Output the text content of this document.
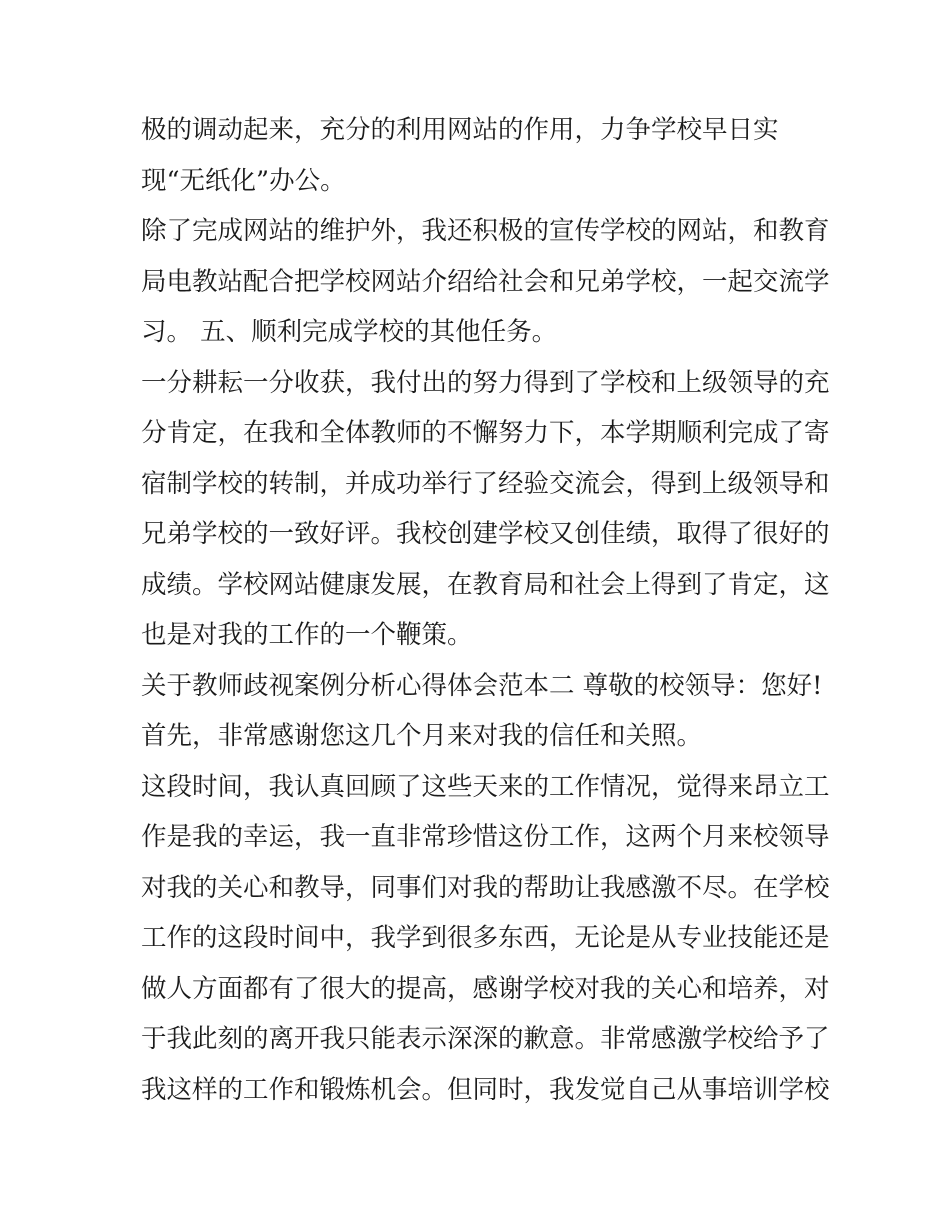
极的调动起来，充分的利用网站的作用，力争学校早日实
现“无纸化”办公。
除了完成网站的维护外，我还积极的宣传学校的网站，和教育
局电教站配合把学校网站介绍给社会和兄弟学校，一起交流学
习。 五、顺利完成学校的其他任务。
一分耕耘一分收获，我付出的努力得到了学校和上级领导的充
分肯定，在我和全体教师的不懈努力下，本学期顺利完成了寄
宿制学校的转制，并成功举行了经验交流会，得到上级领导和
兄弟学校的一致好评。我校创建学校又创佳绩，取得了很好的
成绩。学校网站健康发展，在教育局和社会上得到了肯定，这
也是对我的工作的一个鞭策。
关于教师歧视案例分析心得体会范本二 尊敬的校领导：您好!
首先，非常感谢您这几个月来对我的信任和关照。
这段时间，我认真回顾了这些天来的工作情况，觉得来昂立工
作是我的幸运，我一直非常珍惜这份工作，这两个月来校领导
对我的关心和教导，同事们对我的帮助让我感激不尽。在学校
工作的这段时间中，我学到很多东西，无论是从专业技能还是
做人方面都有了很大的提高，感谢学校对我的关心和培养，对
于我此刻的离开我只能表示深深的歉意。非常感激学校给予了
我这样的工作和锻炼机会。但同时，我发觉自己从事培训学校
